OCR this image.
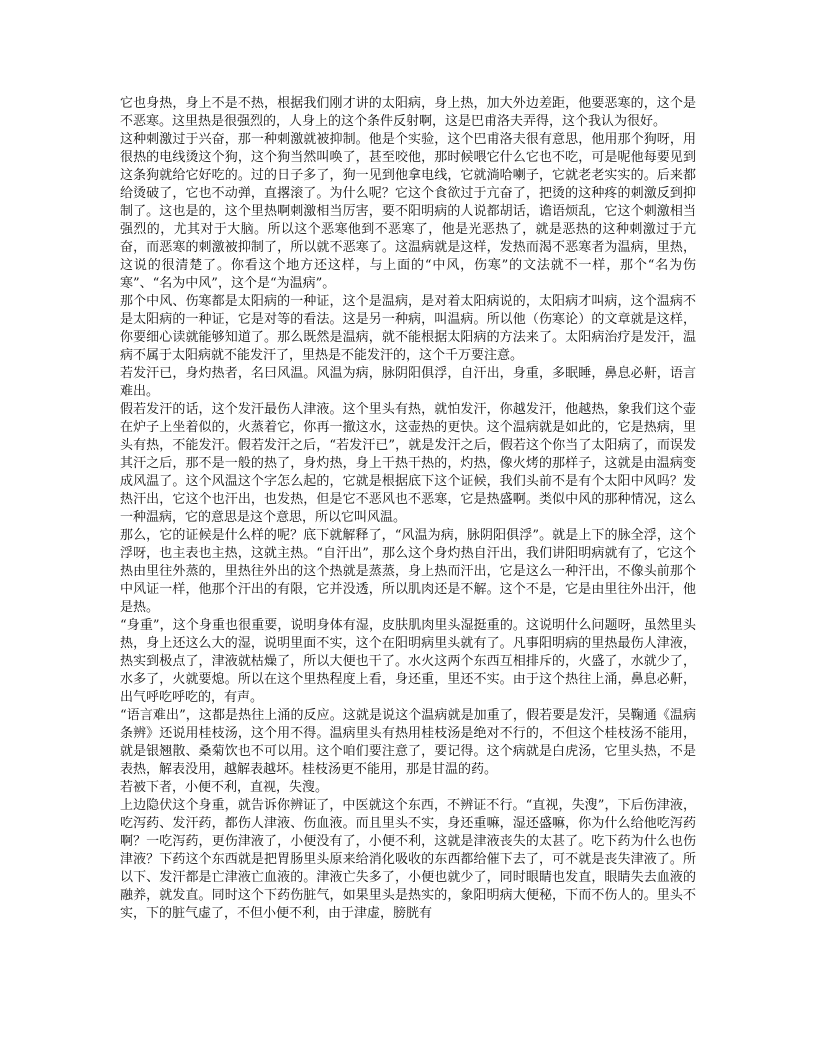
它也身热，身上不是不热，根据我们刚才讲的太阳病，身上热，加大外边差距，他要恶寒的，这个是不恶寒。这里热是很强烈的，人身上的这个条件反射啊，这是巴甫洛夫弄得，这个我认为很好。

这种刺激过于兴奋，那一种刺激就被抑制。他是个实验，这个巴甫洛夫很有意思，他用那个狗呀，用很热的电线烫这个狗，这个狗当然叫唤了，甚至咬他，那时候喂它什么它也不吃，可是呢他每要见到这条狗就给它好吃的。过的日子多了，狗一见到他拿电线，它就淌哈喇子，它就老老实实的。后来都给烫破了，它也不动弹，直撂滚了。为什么呢？它这个食欲过于亢奋了，把烫的这种疼的刺激反到抑制了。这也是的，这个里热啊刺激相当厉害，要不阳明病的人说都胡话，谵语烦乱，它这个刺激相当强烈的，尤其对于大脑。所以这个恶寒他到不恶寒了，他是光恶热了，就是恶热的这种刺激过于亢奋，而恶寒的刺激被抑制了，所以就不恶寒了。这温病就是这样，发热而渴不恶寒者为温病，里热，这说的很清楚了。你看这个地方还这样，与上面的“中风，伤寒”的文法就不一样，那个“名为伤寒”、“名为中风”，这个是“为温病”。

那个中风、伤寒都是太阳病的一种证，这个是温病，是对着太阳病说的，太阳病才叫病，这个温病不是太阳病的一种证，它是对等的看法。这是另一种病，叫温病。所以他（伤寒论）的文章就是这样，你要细心读就能够知道了。那么既然是温病，就不能根据太阳病的方法来了。太阳病治疗是发汗，温病不属于太阳病就不能发汗了，里热是不能发汗的，这个千万要注意。

若发汗已，身灼热者，名曰风温。风温为病，脉阴阳俱浮，自汗出，身重，多眠睡，鼻息必鼾，语言难出。

假若发汗的话，这个发汗最伤人津液。这个里头有热，就怕发汗，你越发汗，他越热，象我们这个壶在炉子上坐着似的，火蒸着它，你再一撤这水，这壶热的更快。这个温病就是如此的，它是热病，里头有热，不能发汗。假若发汗之后，“若发汗已”，就是发汗之后，假若这个你当了太阳病了，而误发其汗之后，那不是一般的热了，身灼热，身上干热干热的，灼热，像火烤的那样子，这就是由温病变成风温了。这个风温这个字怎么起的，它就是根据底下这个证候，我们头前不是有个太阳中风吗？发热汗出，它这个也汗出，也发热，但是它不恶风也不恶寒，它是热盛啊。类似中风的那种情况，这么一种温病，它的意思是这个意思，所以它叫风温。

那么，它的证候是什么样的呢？底下就解释了，“风温为病，脉阴阳俱浮”。就是上下的脉全浮，这个浮呀，也主表也主热，这就主热。“自汗出”，那么这个身灼热自汗出，我们讲阳明病就有了，它这个热由里往外蒸的，里热往外出的这个热就是蒸蒸，身上热而汗出，它是这么一种汗出，不像头前那个中风证一样，他那个汗出的有限，它并没透，所以肌肉还是不解。这个不是，它是由里往外出汗，他是热。

“身重”，这个身重也很重要，说明身体有湿，皮肤肌肉里头湿挺重的。这说明什么问题呀，虽然里头热，身上还这么大的湿，说明里面不实，这个在阳明病里头就有了。凡事阳明病的里热最伤人津液，热实到极点了，津液就枯燥了，所以大便也干了。水火这两个东西互相排斥的，火盛了，水就少了，水多了，火就要熄。所以在这个里热程度上看，身还重，里还不实。由于这个热往上涌，鼻息必鼾，出气呼吃呼吃的，有声。

“语言难出”，这都是热往上涌的反应。这就是说这个温病就是加重了，假若要是发汗，吴鞠通《温病条辨》还说用桂枝汤，这个用不得。温病里头有热用桂枝汤是绝对不行的，不但这个桂枝汤不能用，就是银翘散、桑菊饮也不可以用。这个咱们要注意了，要记得。这个病就是白虎汤，它里头热，不是表热，解表没用，越解表越坏。桂枝汤更不能用，那是甘温的药。

若被下者，小便不利，直视，失溲。

上边隐伏这个身重，就告诉你辨证了，中医就这个东西，不辨证不行。“直视，失溲”，下后伤津液，吃泻药、发汗药，都伤人津液、伤血液。而且里头不实，身还重嘛，湿还盛嘛，你为什么给他吃泻药啊？一吃泻药，更伤津液了，小便没有了，小便不利，这就是津液丧失的太甚了。吃下药为什么也伤津液？下药这个东西就是把胃肠里头原来给消化吸收的东西都给催下去了，可不就是丧失津液了。所以下、发汗都是亡津液亡血液的。津液亡失多了，小便也就少了，同时眼睛也发直，眼睛失去血液的融养，就发直。同时这个下药伤脏气，如果里头是热实的，象阳明病大便秘，下而不伤人的。里头不实，下的脏气虚了，不但小便不利，由于津虚，膀胱有
